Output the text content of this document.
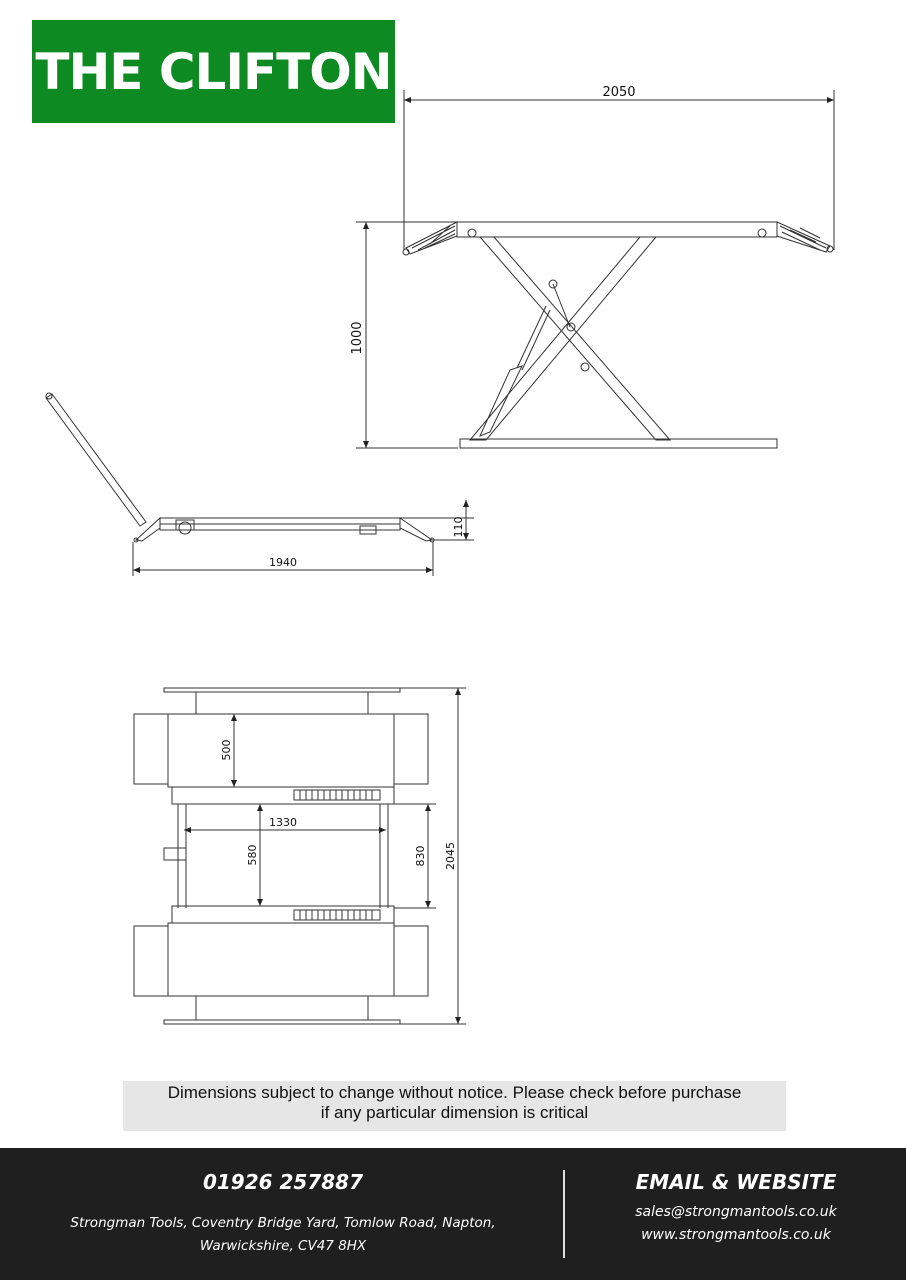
THE CLIFTON	2050
1000
110
1940
500
1330
580	830 2045
Dimensions subject to change without notice. Please check before purchase
if any particular dimension is critical
01926 257887
Strongman Tools, Coventry Bridge Yard, Tomlow Road, Napton,
Warwickshire, CV47 8HX
EMAIL & WEBSITE
sales@strongmantools.co.uk
www.strongmantools.co.uk
